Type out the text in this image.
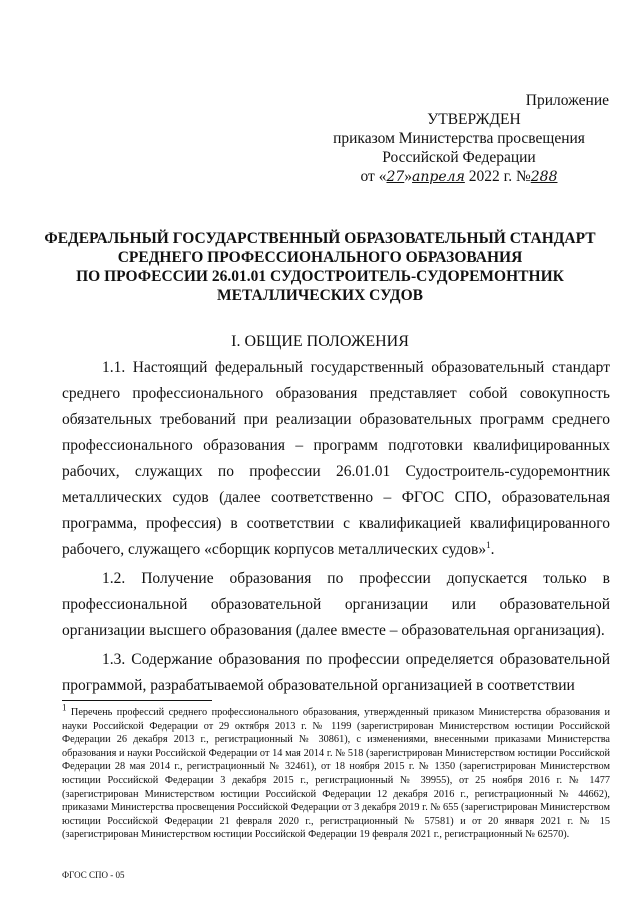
Приложение
УТВЕРЖДЕН
приказом Министерства просвещения
Российской Федерации
от «27»апреля 2022 г. №288
ФЕДЕРАЛЬНЫЙ ГОСУДАРСТВЕННЫЙ ОБРАЗОВАТЕЛЬНЫЙ СТАНДАРТ
СРЕДНЕГО ПРОФЕССИОНАЛЬНОГО ОБРАЗОВАНИЯ
ПО ПРОФЕССИИ 26.01.01 СУДОСТРОИТЕЛЬ-СУДОРЕМОНТНИК
МЕТАЛЛИЧЕСКИХ СУДОВ
I. ОБЩИЕ ПОЛОЖЕНИЯ

1.1. Настоящий федеральный государственный образовательный стандарт среднего профессионального образования представляет собой совокупность обязательных требований при реализации образовательных программ среднего профессионального образования – программ подготовки квалифицированных рабочих, служащих по профессии 26.01.01 Судостроитель-судоремонтник металлических судов (далее соответственно – ФГОС СПО, образовательная программа, профессия) в соответствии с квалификацией квалифицированного рабочего, служащего «сборщик корпусов металлических судов»$^1$.

1.2. Получение образования по профессии допускается только в профессиональной образовательной организации или образовательной организации высшего образования (далее вместе – образовательная организация).

1.3. Содержание образования по профессии определяется образовательной программой, разрабатываемой образовательной организацией в соответствии

$^1$ Перечень профессий среднего профессионального образования, утвержденный приказом Министерства образования и науки Российской Федерации от 29 октября 2013 г. № 1199 (зарегистрирован Министерством юстиции Российской Федерации 26 декабря 2013 г., регистрационный № 30861), с изменениями, внесенными приказами Министерства образования и науки Российской Федерации от 14 мая 2014 г. № 518 (зарегистрирован Министерством юстиции Российской Федерации 28 мая 2014 г., регистрационный № 32461), от 18 ноября 2015 г. № 1350 (зарегистрирован Министерством юстиции Российской Федерации 3 декабря 2015 г., регистрационный № 39955), от 25 ноября 2016 г. № 1477 (зарегистрирован Министерством юстиции Российской Федерации 12 декабря 2016 г., регистрационный № 44662), приказами Министерства просвещения Российской Федерации от 3 декабря 2019 г. № 655 (зарегистрирован Министерством юстиции Российской Федерации 21 февраля 2020 г., регистрационный № 57581) и от 20 января 2021 г. № 15 (зарегистрирован Министерством юстиции Российской Федерации 19 февраля 2021 г., регистрационный № 62570).
ФГОС СПО - 05
